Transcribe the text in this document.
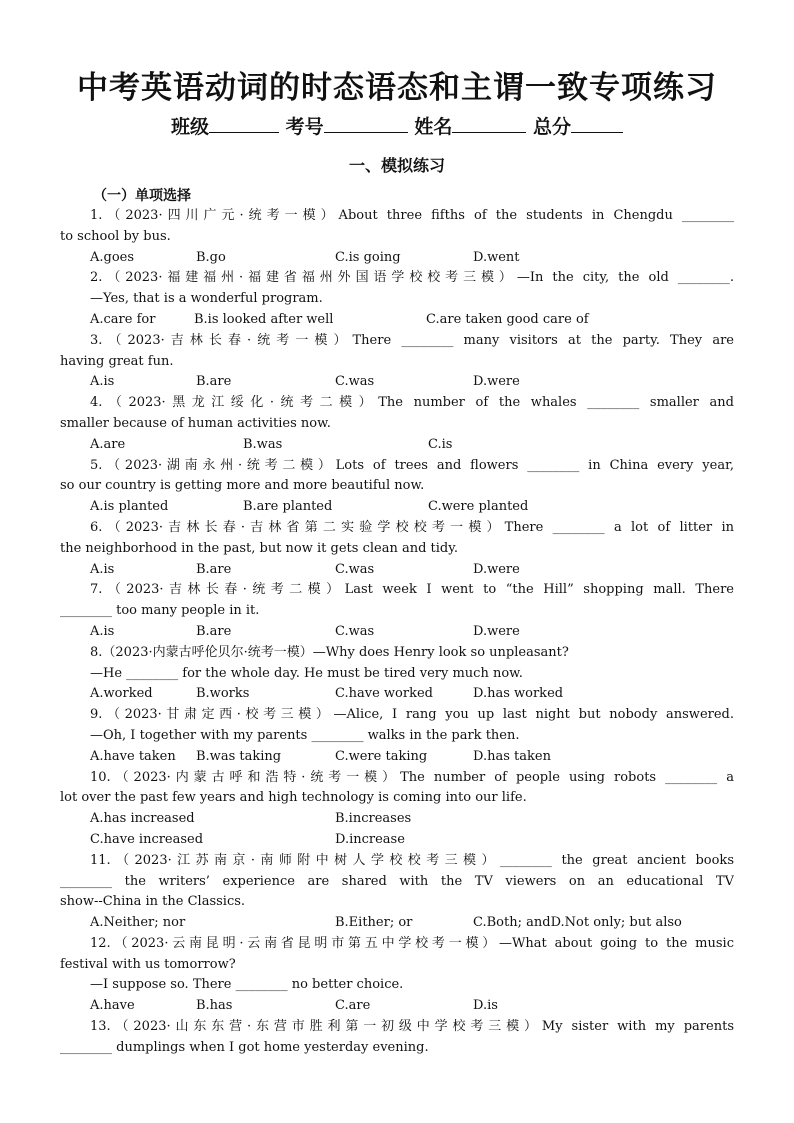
中考英语动词的时态语态和主谓一致专项练习
班级	考号	姓名	总分
一、模拟练习
（一）单项选择
1.（2023·四川广元·统考一模）About three fifths of the students in Chengdu ________
to school by bus.
A.goes	B.go	C.is going	D.went
2.（2023·福建福州·福建省福州外国语学校校考三模）—In the city, the old ________.
—Yes, that is a wonderful program.
A.care for	B.is looked after well	C.are taken good care of
3.（2023·吉林长春·统考一模）There ________ many visitors at the party. They are
having great fun.
A.is	B.are	C.was	D.were
4.（2023·黑龙江绥化·统考二模）The number of the whales ________ smaller and
smaller because of human activities now.
A.are	B.was	C.is
5.（2023·湖南永州·统考二模）Lots of trees and flowers ________ in China every year,
so our country is getting more and more beautiful now.
A.is planted	B.are planted	C.were planted
6.（2023·吉林长春·吉林省第二实验学校校考一模）There ________ a lot of litter in
the neighborhood in the past, but now it gets clean and tidy.
A.is	B.are	C.was	D.were
7.（2023·吉林长春·统考二模）Last week I went to “the Hill” shopping mall. There
________ too many people in it.
A.is	B.are	C.was	D.were
8.（2023·内蒙古呼伦贝尔·统考一模）—Why does Henry look so unpleasant?
—He ________ for the whole day. He must be tired very much now.
A.worked	B.works	C.have worked	D.has worked
9.（2023·甘肃定西·校考三模）—Alice, I rang you up last night but nobody answered.
—Oh, I together with my parents ________ walks in the park then.
A.have taken	B.was taking	C.were taking	D.has taken
10.（2023·内蒙古呼和浩特·统考一模）The number of people using robots ________ a
lot over the past few years and high technology is coming into our life.
A.has increased	B.increases
C.have increased	D.increase
11.（2023·江苏南京·南师附中树人学校校考三模）________ the great ancient books
________ the writers’ experience are shared with the TV viewers on an educational TV
show--China in the Classics.
A.Neither; nor	B.Either; or	C.Both; and D.Not only; but also
12.（2023·云南昆明·云南省昆明市第五中学校考一模）—What about going to the music
festival with us tomorrow?
—I suppose so. There ________ no better choice.
A.have	B.has	C.are	D.is
13.（2023·山东东营·东营市胜利第一初级中学校考三模）My sister with my parents
________ dumplings when I got home yesterday evening.
